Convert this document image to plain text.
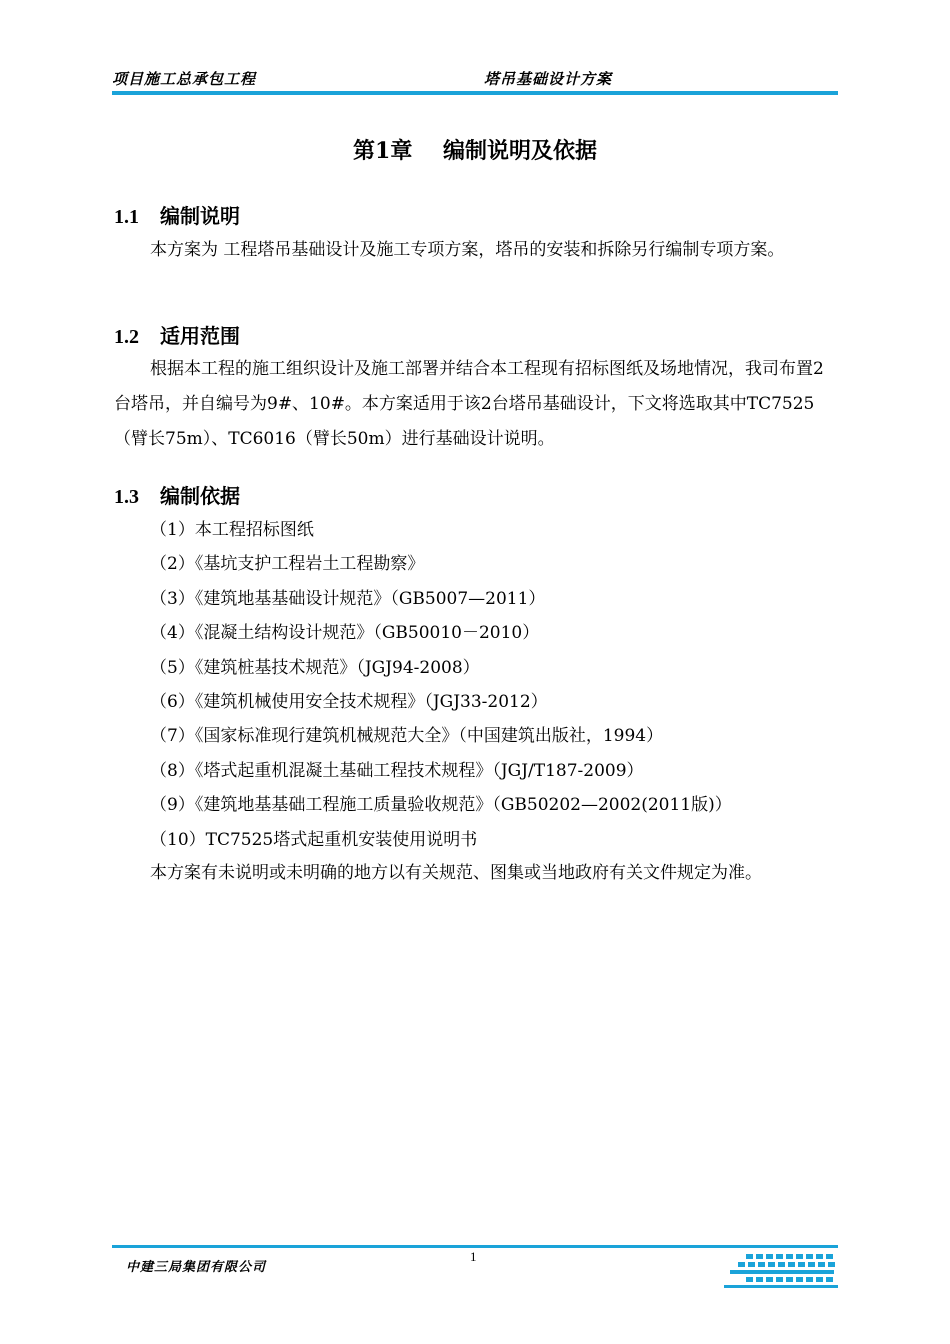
项目施工总承包工程	塔吊基础设计方案
第1章    编制说明及依据
1.1 编制说明
本方案为 工程塔吊基础设计及施工专项方案，塔吊的安装和拆除另行编制专项方案。
1.2 适用范围
根据本工程的施工组织设计及施工部署并结合本工程现有招标图纸及场地情况，我司布置2台塔吊，并自编号为9#、10#。本方案适用于该2台塔吊基础设计，下文将选取其中TC7525（臂长75m）、TC6016（臂长50m）进行基础设计说明。
1.3 编制依据
（1）本工程招标图纸
（2）《基坑支护工程岩土工程勘察》
（3）《建筑地基基础设计规范》（GB5007—2011）
（4）《混凝土结构设计规范》（GB50010－2010）
（5）《建筑桩基技术规范》（JGJ94-2008）
（6）《建筑机械使用安全技术规程》（JGJ33-2012）
（7）《国家标准现行建筑机械规范大全》（中国建筑出版社，1994）
（8）《塔式起重机混凝土基础工程技术规程》（JGJ/T187-2009）
（9）《建筑地基基础工程施工质量验收规范》（GB50202—2002(2011版)）
（10）TC7525塔式起重机安装使用说明书
本方案有未说明或未明确的地方以有关规范、图集或当地政府有关文件规定为准。
1
中建三局集团有限公司
